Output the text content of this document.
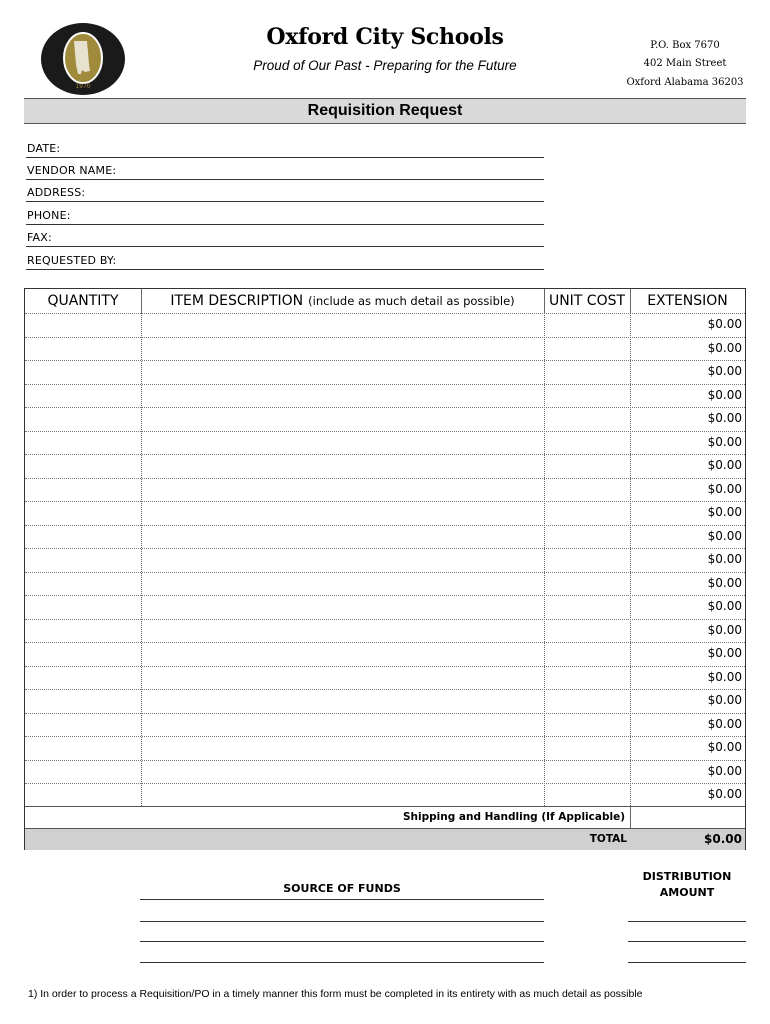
1970
Oxford City Schools
Proud of Our Past - Preparing for the Future
P.O. Box 7670
402 Main Street
Oxford Alabama 36203
Requisition Request
DATE:
VENDOR NAME:
ADDRESS:
PHONE:
FAX:
REQUESTED BY:
QUANTITY	ITEM DESCRIPTION (include as much detail as possible) UNIT COST EXTENSION
$0.00
$0.00
$0.00
$0.00
$0.00
$0.00
$0.00
$0.00
$0.00
$0.00
$0.00
$0.00
$0.00
$0.00
$0.00
$0.00
$0.00
$0.00
$0.00
$0.00
$0.00
Shipping and Handling (If Applicable)
TOTAL	$0.00
SOURCE OF FUNDS
DISTRIBUTION
AMOUNT
1) In order to process a Requisition/PO in a timely manner this form must be completed in its entirety with as much detail as possible
